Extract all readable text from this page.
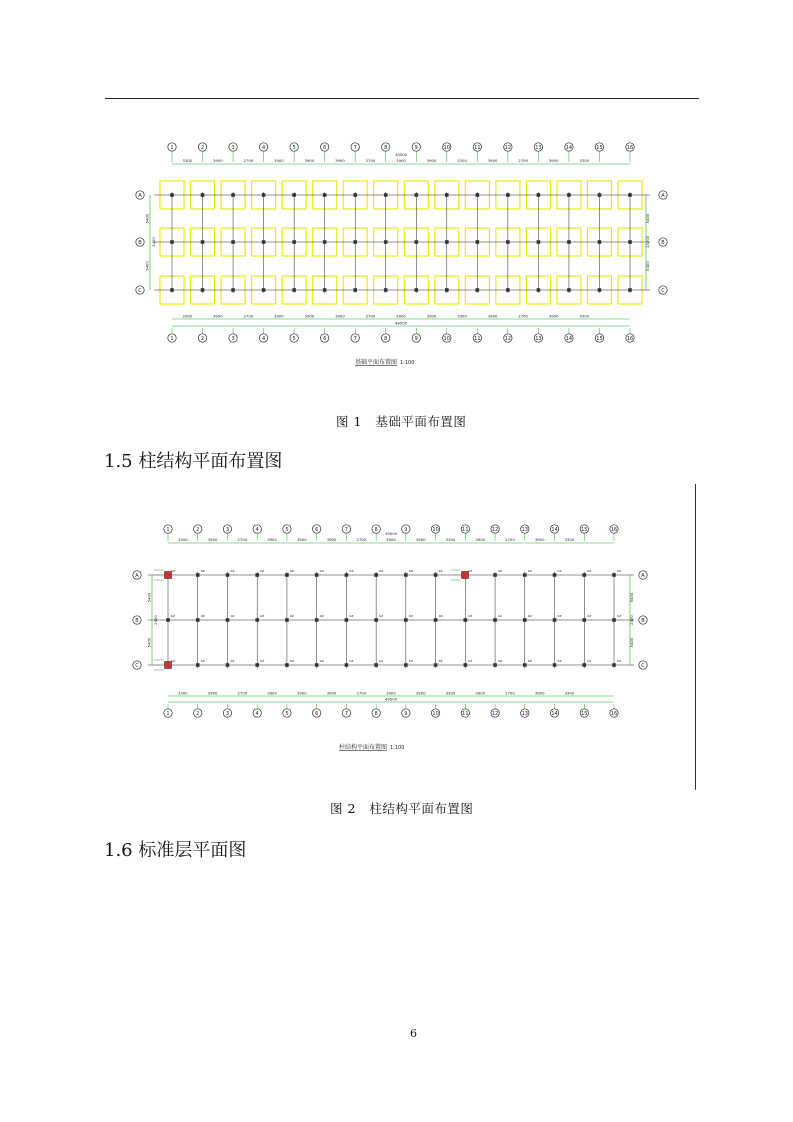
1
1
2
2
3
3
4
4
5
5
6
6
7
7
8
8
9
9
10
10
11
11
12
12
13
13
14
14
15
15
16
16
3300	3900	2700	3900	3900	3900	2700	3900	3900	3300	3900	2700	3900	3300
3300	3900	2700	3900	3900	3900	2700	3900	3900	3300	3900	2700	3900	3300
49500
49500
A	A
B	B
C	C
5400
5400
2400
5400
5400
13200
基础平面布置图 1:100
图 1 基础平面布置图
1.5 柱结构平面布置图
1
1
2
2
3
3
4
4
5
5
6
6
7
7
8
8
9
9
10
10
11
11
12
12
13
13
14
14
15
15
16
16
3300	3900	2700	3900	3900	3900	2700	3900	3900	3300	3900	2700	3900	3300
3300	3900	2700	3900	3900	3900	2700	3900	3900	3300	3900	2700	3900	3300
49500
49500
A	A
B	B
C	C
5400
5400
2400
5400
5400
2400
KZ
KZ
KZ
KZ
KZ
KZ
KZ
KZ
KZ
KZ
KZ
KZ
KZ
KZ
KZ
KZ
KZ
KZ
KZ
KZ
KZ
KZ
KZ
KZ
KZ
KZ
KZ
KZ
KZ
KZ
KZ
KZ
KZ
KZ
KZ
KZ
KZ
KZ
KZ
KZ
KZ
KZ
KZ
KZ
KZ
KZ
KZ
KZ
柱结构平面布置图 1:100
图 2 柱结构平面布置图
1.6 标准层平面图
6
